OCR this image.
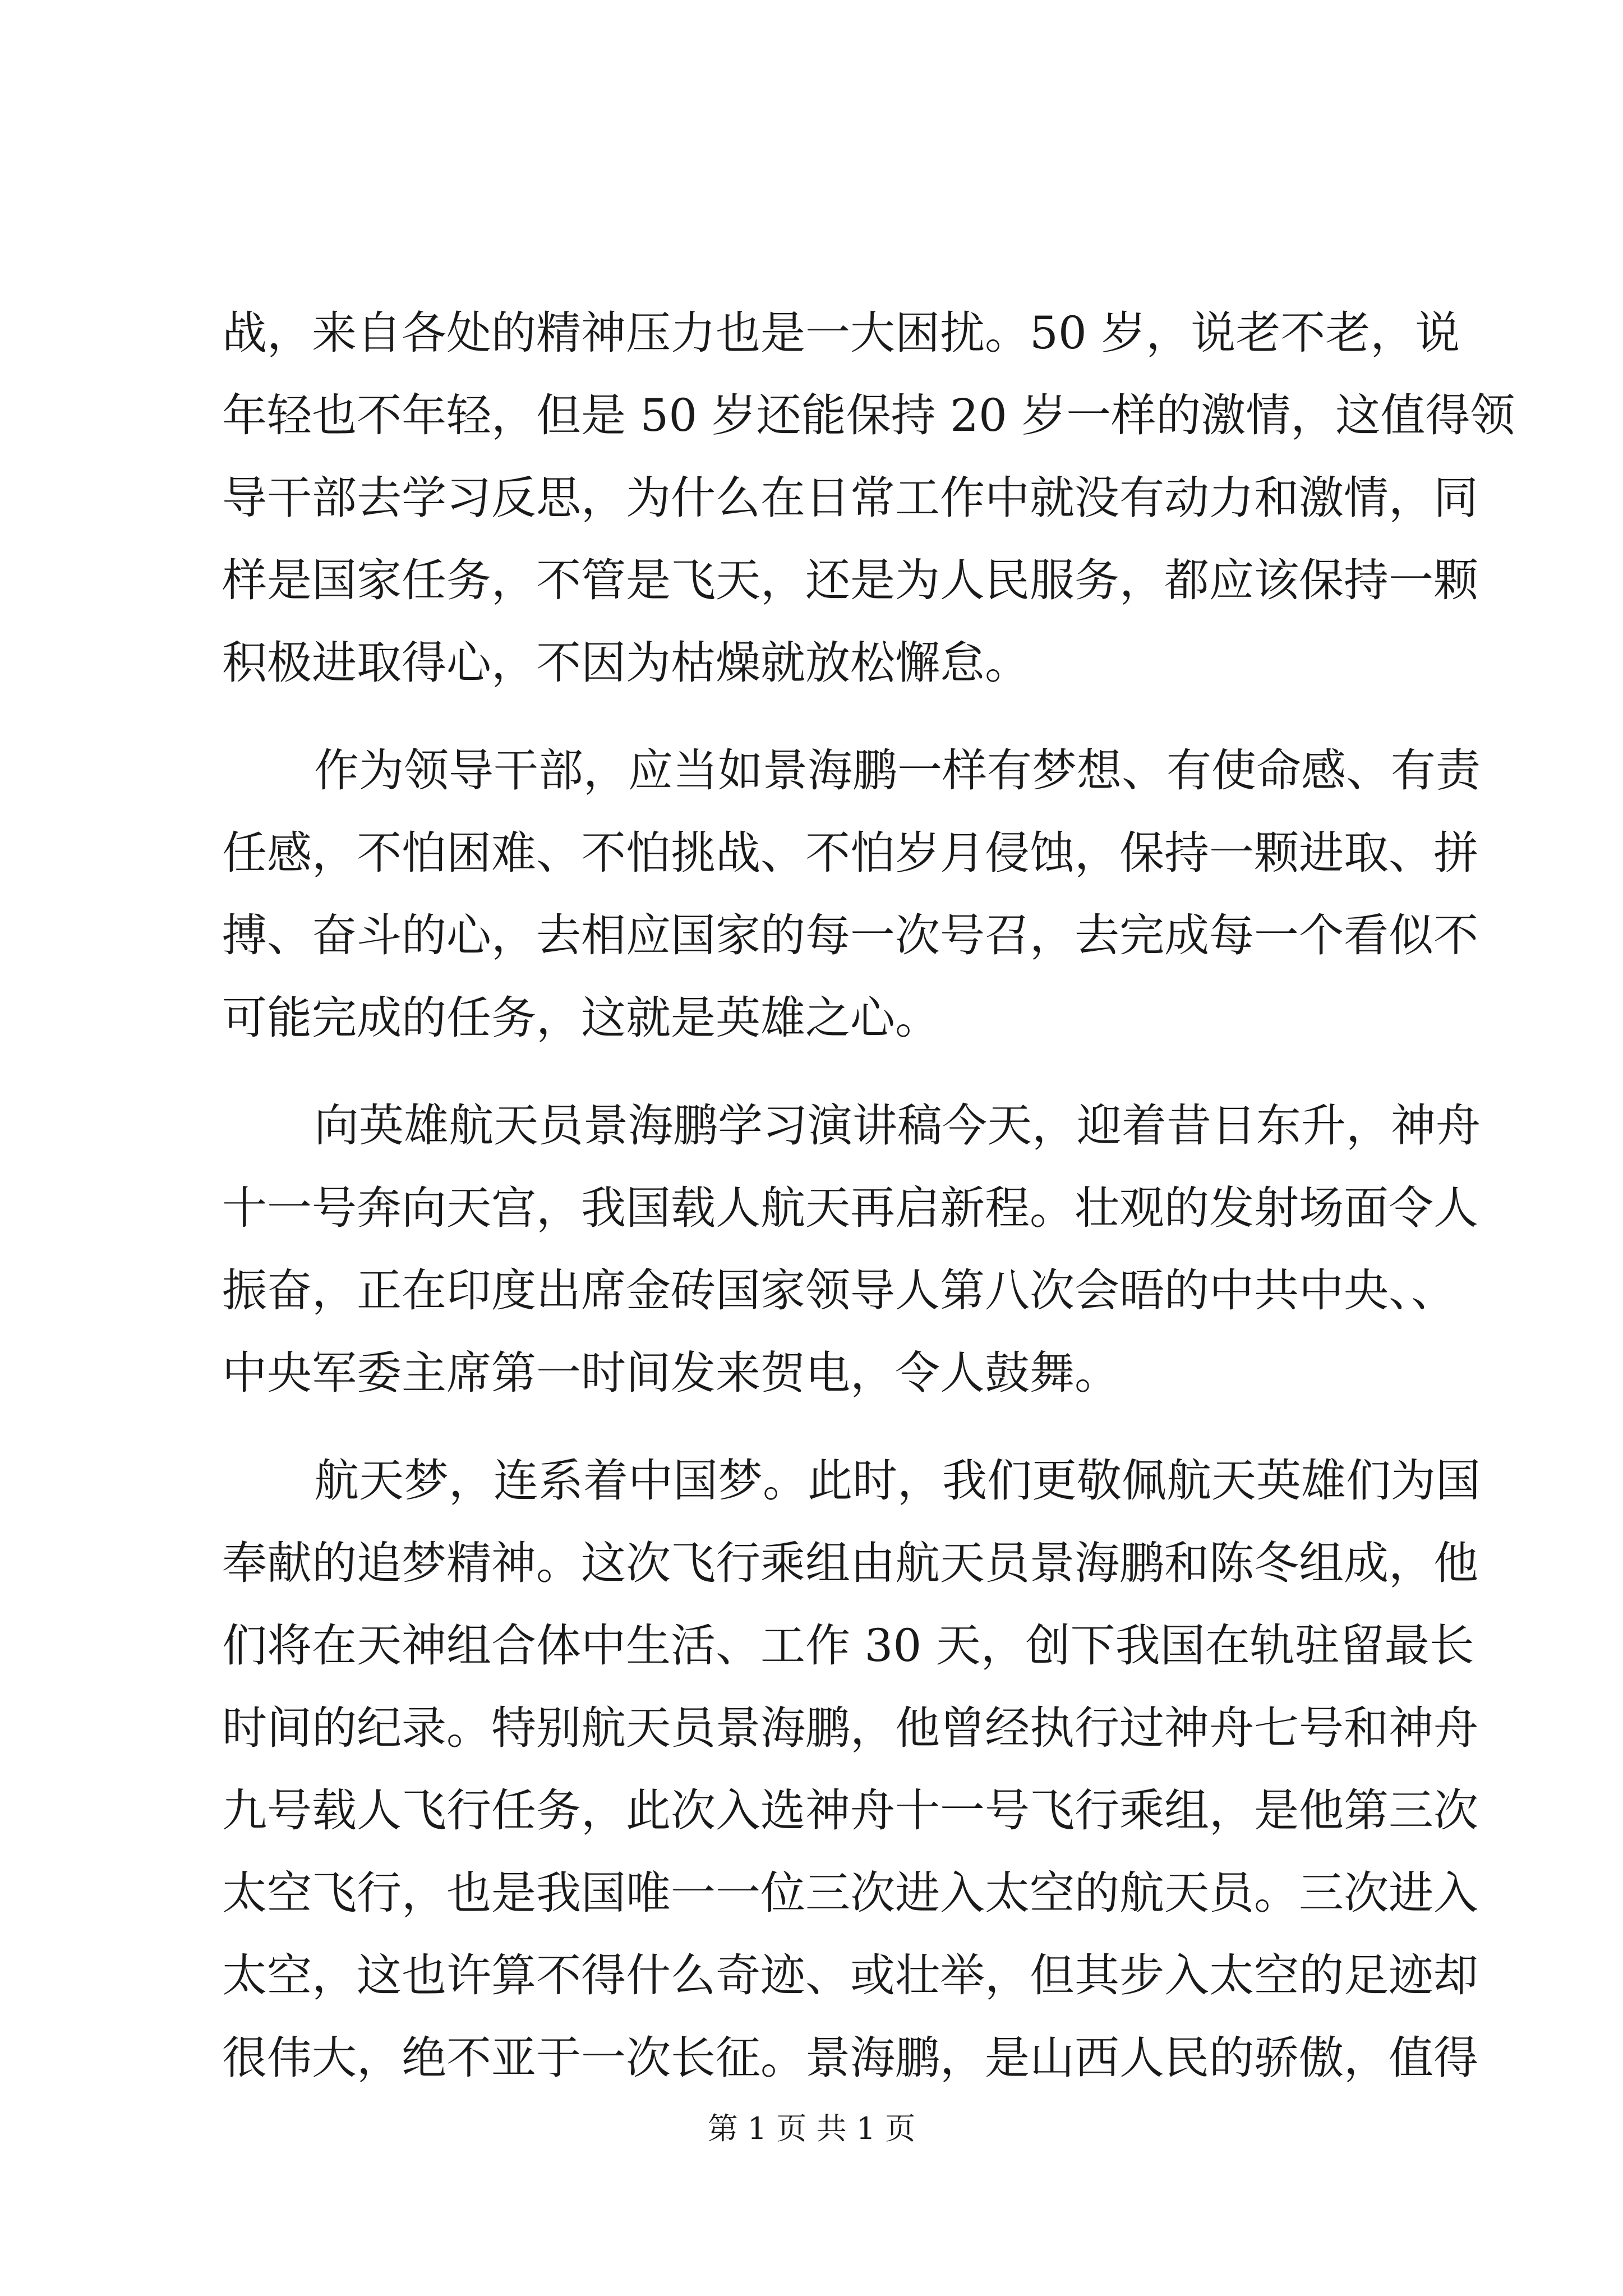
战，来自各处的精神压力也是一大困扰。50 岁，说老不老，说
年轻也不年轻，但是 50 岁还能保持 20 岁一样的激情，这值得领
导干部去学习反思，为什么在日常工作中就没有动力和激情，同
样是国家任务，不管是飞天，还是为人民服务，都应该保持一颗
积极进取得心，不因为枯燥就放松懈怠。
作为领导干部，应当如景海鹏一样有梦想、有使命感、有责
任感，不怕困难、不怕挑战、不怕岁月侵蚀，保持一颗进取、拼
搏、奋斗的心，去相应国家的每一次号召，去完成每一个看似不
可能完成的任务，这就是英雄之心。
向英雄航天员景海鹏学习演讲稿今天，迎着昔日东升，神舟
十一号奔向天宫，我国载人航天再启新程。壮观的发射场面令人
振奋，正在印度出席金砖国家领导人第八次会晤的中共中央、、
中央军委主席第一时间发来贺电，令人鼓舞。
航天梦，连系着中国梦。此时，我们更敬佩航天英雄们为国
奉献的追梦精神。这次飞行乘组由航天员景海鹏和陈冬组成，他
们将在天神组合体中生活、工作 30 天，创下我国在轨驻留最长
时间的纪录。特别航天员景海鹏，他曾经执行过神舟七号和神舟
九号载人飞行任务，此次入选神舟十一号飞行乘组，是他第三次
太空飞行，也是我国唯一一位三次进入太空的航天员。三次进入
太空，这也许算不得什么奇迹、或壮举，但其步入太空的足迹却
很伟大，绝不亚于一次长征。景海鹏，是山西人民的骄傲，值得
第 1 页 共 1 页
